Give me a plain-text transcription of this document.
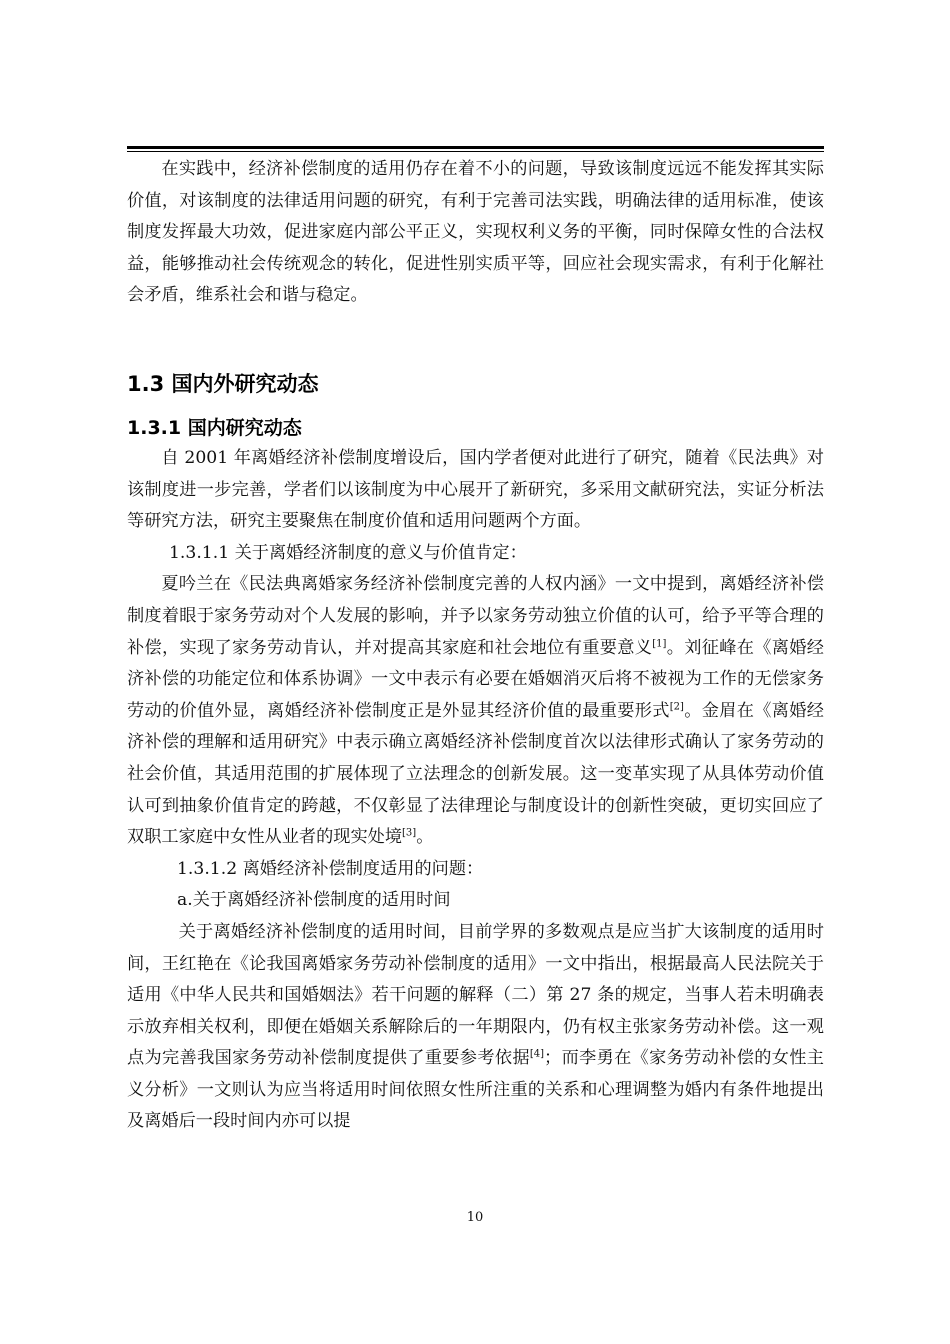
在实践中，经济补偿制度的适用仍存在着不小的问题，导致该制度远远不能发挥其实际价值，对该制度的法律适用问题的研究，有利于完善司法实践，明确法律的适用标准，使该制度发挥最大功效，促进家庭内部公平正义，实现权利义务的平衡，同时保障女性的合法权益，能够推动社会传统观念的转化，促进性别实质平等，回应社会现实需求，有利于化解社会矛盾，维系社会和谐与稳定。

1.3 国内外研究动态
1.3.1 国内研究动态

自 2001 年离婚经济补偿制度增设后，国内学者便对此进行了研究，随着《民法典》对该制度进一步完善，学者们以该制度为中心展开了新研究，多采用文献研究法，实证分析法等研究方法，研究主要聚焦在制度价值和适用问题两个方面。

1.3.1.1 关于离婚经济制度的意义与价值肯定：

夏吟兰在《民法典离婚家务经济补偿制度完善的人权内涵》一文中提到，离婚经济补偿制度着眼于家务劳动对个人发展的影响，并予以家务劳动独立价值的认可，给予平等合理的补偿，实现了家务劳动肯认，并对提高其家庭和社会地位有重要意义[1]。刘征峰在《离婚经济补偿的功能定位和体系协调》一文中表示有必要在婚姻消灭后将不被视为工作的无偿家务劳动的价值外显，离婚经济补偿制度正是外显其经济价值的最重要形式[2]。金眉在《离婚经济补偿的理解和适用研究》中表示确立离婚经济补偿制度首次以法律形式确认了家务劳动的社会价值，其适用范围的扩展体现了立法理念的创新发展。这一变革实现了从具体劳动价值认可到抽象价值肯定的跨越，不仅彰显了法律理论与制度设计的创新性突破，更切实回应了双职工家庭中女性从业者的现实处境[3]。

1.3.1.2 离婚经济补偿制度适用的问题：

a.关于离婚经济补偿制度的适用时间

关于离婚经济补偿制度的适用时间，目前学界的多数观点是应当扩大该制度的适用时间，王红艳在《论我国离婚家务劳动补偿制度的适用》一文中指出，根据最高人民法院关于适用《中华人民共和国婚姻法》若干问题的解释（二）第 27 条的规定，当事人若未明确表示放弃相关权利，即便在婚姻关系解除后的一年期限内，仍有权主张家务劳动补偿。这一观点为完善我国家务劳动补偿制度提供了重要参考依据[4]；而李勇在《家务劳动补偿的女性主义分析》一文则认为应当将适用时间依照女性所注重的关系和心理调整为婚内有条件地提出及离婚后一段时间内亦可以提

10
